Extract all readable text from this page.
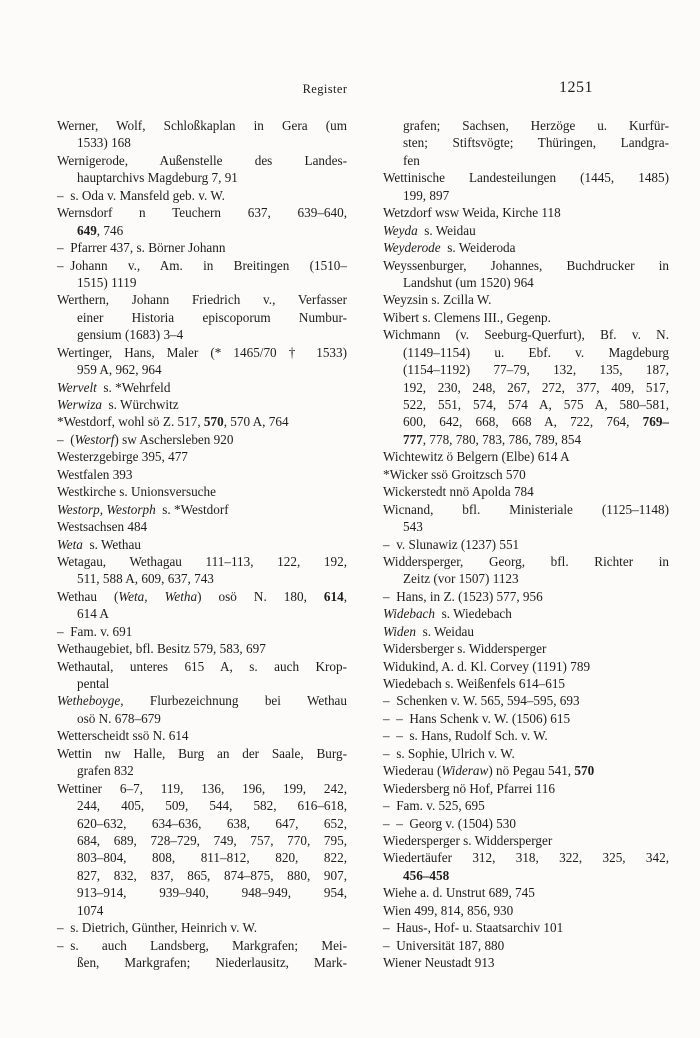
Register	1251
Werner, Wolf, Schloßkaplan in Gera (um
1533) 168
Wernigerode, Außenstelle des Landes-
hauptarchivs Magdeburg 7, 91
– s. Oda v. Mansfeld geb. v. W.
Wernsdorf n Teuchern 637, 639–640,
649, 746
– Pfarrer 437, s. Börner Johann
– Johann v., Am. in Breitingen (1510–
1515) 1119
Werthern, Johann Friedrich v., Verfasser
einer Historia episcoporum Numbur-
gensium (1683) 3–4
Wertinger, Hans, Maler (* 1465/70 † 1533)
959 A, 962, 964
Wervelt s. *Wehrfeld
Werwiza s. Würchwitz
*Westdorf, wohl sö Z. 517, 570, 570 A, 764
– (Westorf) sw Aschersleben 920
Westerzgebirge 395, 477
Westfalen 393
Westkirche s. Unionsversuche
Westorp, Westorph s. *Westdorf
Westsachsen 484
Weta s. Wethau
Wetagau, Wethagau 111–113, 122, 192,
511, 588 A, 609, 637, 743
Wethau (Weta, Wetha) osö N. 180, 614,
614 A
– Fam. v. 691
Wethaugebiet, bfl. Besitz 579, 583, 697
Wethautal, unteres 615 A, s. auch Krop-
pental
Wetheboyge, Flurbezeichnung bei Wethau
osö N. 678–679
Wetterscheidt ssö N. 614
Wettin nw Halle, Burg an der Saale, Burg-
grafen 832
Wettiner 6–7, 119, 136, 196, 199, 242,
244, 405, 509, 544, 582, 616–618,
620–632, 634–636, 638, 647, 652,
684, 689, 728–729, 749, 757, 770, 795,
803–804, 808, 811–812, 820, 822,
827, 832, 837, 865, 874–875, 880, 907,
913–914, 939–940, 948–949, 954,
1074
– s. Dietrich, Günther, Heinrich v. W.
– s. auch Landsberg, Markgrafen; Mei-
ßen, Markgrafen; Niederlausitz, Mark-
grafen; Sachsen, Herzöge u. Kurfür-
sten; Stiftsvögte; Thüringen, Landgra-
fen
Wettinische Landesteilungen (1445, 1485)
199, 897
Wetzdorf wsw Weida, Kirche 118
Weyda s. Weidau
Weyderode s. Weideroda
Weyssenburger, Johannes, Buchdrucker in
Landshut (um 1520) 964
Weyzsin s. Zcilla W.
Wibert s. Clemens III., Gegenp.
Wichmann (v. Seeburg-Querfurt), Bf. v. N.
(1149–1154) u. Ebf. v. Magdeburg
(1154–1192) 77–79, 132, 135, 187,
192, 230, 248, 267, 272, 377, 409, 517,
522, 551, 574, 574 A, 575 A, 580–581,
600, 642, 668, 668 A, 722, 764, 769–
777, 778, 780, 783, 786, 789, 854
Wichtewitz ö Belgern (Elbe) 614 A
*Wicker ssö Groitzsch 570
Wickerstedt nnö Apolda 784
Wicnand, bfl. Ministeriale (1125–1148)
543
– v. Slunawiz (1237) 551
Widdersperger, Georg, bfl. Richter in
Zeitz (vor 1507) 1123
– Hans, in Z. (1523) 577, 956
Widebach s. Wiedebach
Widen s. Weidau
Widersberger s. Widdersperger
Widukind, A. d. Kl. Corvey (1191) 789
Wiedebach s. Weißenfels 614–615
– Schenken v. W. 565, 594–595, 693
– – Hans Schenk v. W. (1506) 615
– – s. Hans, Rudolf Sch. v. W.
– s. Sophie, Ulrich v. W.
Wiederau (Wideraw) nö Pegau 541, 570
Wiedersberg nö Hof, Pfarrei 116
– Fam. v. 525, 695
– – Georg v. (1504) 530
Wiedersperger s. Widdersperger
Wiedertäufer 312, 318, 322, 325, 342,
456–458
Wiehe a. d. Unstrut 689, 745
Wien 499, 814, 856, 930
– Haus-, Hof- u. Staatsarchiv 101
– Universität 187, 880
Wiener Neustadt 913
